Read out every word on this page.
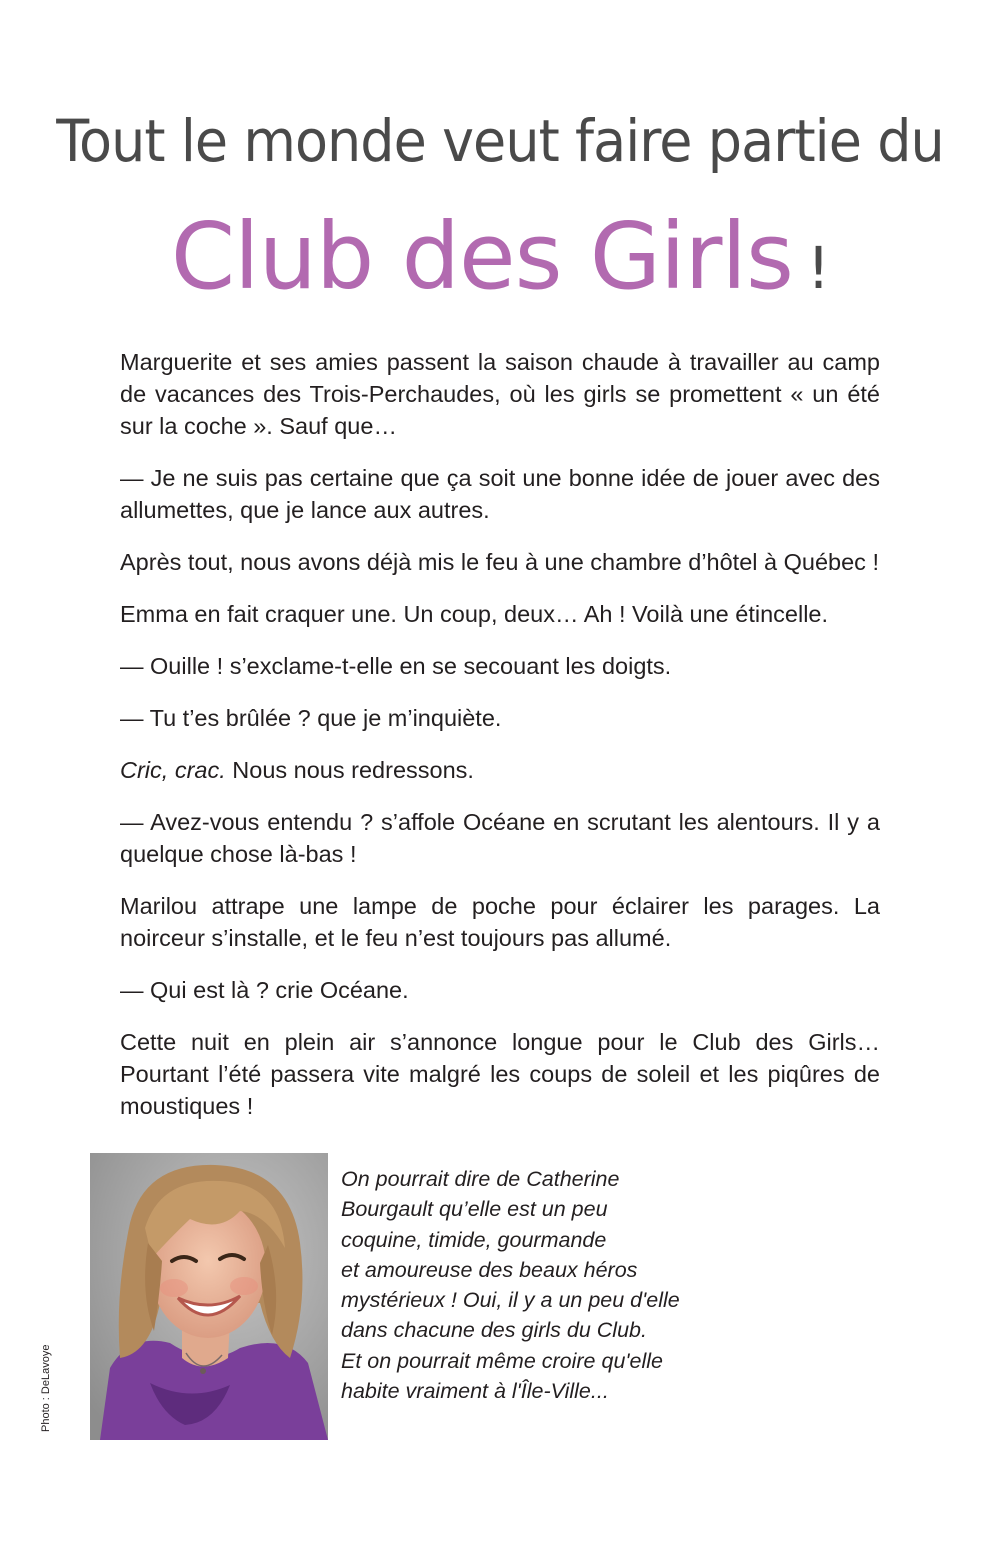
Tout le monde veut faire partie du
Club des Girls !

Marguerite et ses amies passent la saison chaude à travailler au camp de vacances des Trois-Perchaudes, où les girls se promettent « un été sur la coche ». Sauf que…

— Je ne suis pas certaine que ça soit une bonne idée de jouer avec des allumettes, que je lance aux autres.

Après tout, nous avons déjà mis le feu à une chambre d’hôtel à Québec !

Emma en fait craquer une. Un coup, deux… Ah ! Voilà une étincelle.

— Ouille ! s’exclame-t-elle en se secouant les doigts.

— Tu t’es brûlée ? que je m’inquiète.

Cric, crac. Nous nous redressons.

— Avez-vous entendu ? s’affole Océane en scrutant les alentours. Il y a quelque chose là-bas !

Marilou attrape une lampe de poche pour éclairer les parages. La noirceur s’installe, et le feu n’est toujours pas allumé.

— Qui est là ? crie Océane.

Cette nuit en plein air s’annonce longue pour le Club des Girls… Pourtant l’été passera vite malgré les coups de soleil et les piqûres de moustiques !

Photo : DeLavoye
On pourrait dire de Catherine
Bourgault qu’elle est un peu
coquine, timide, gourmande
et amoureuse des beaux héros
mystérieux ! Oui, il y a un peu d'elle
dans chacune des girls du Club.
Et on pourrait même croire qu'elle
habite vraiment à l'Île-Ville...
